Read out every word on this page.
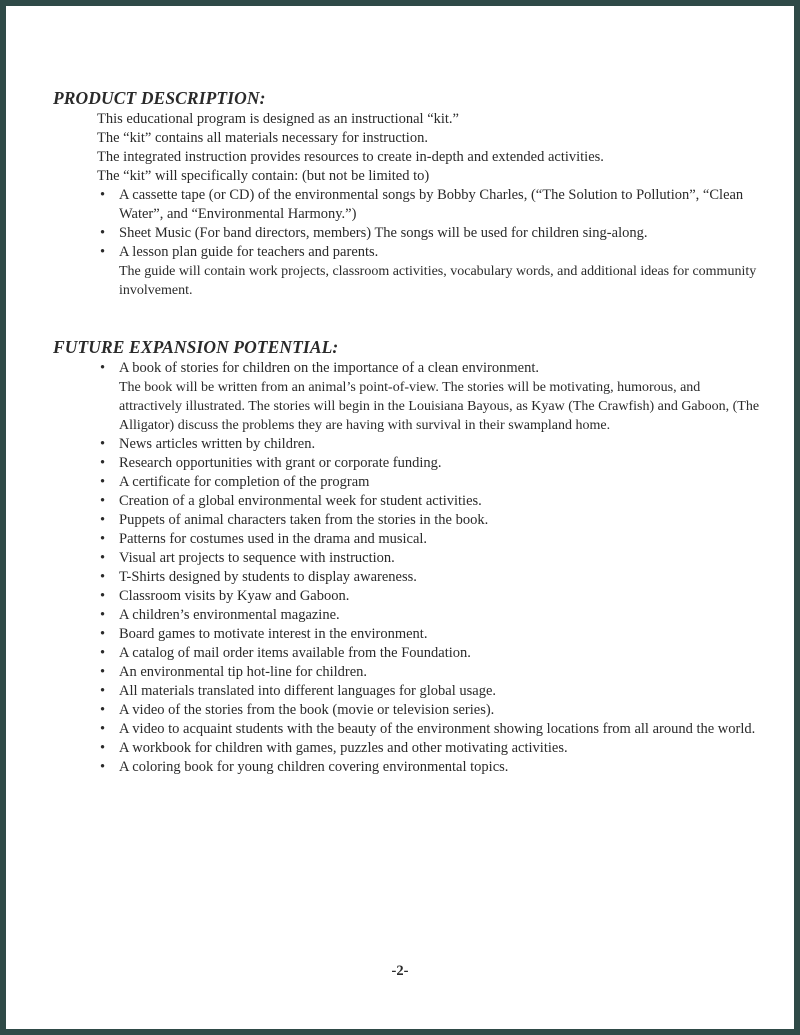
PRODUCT DESCRIPTION:

This educational program is designed as an instructional “kit.”

The “kit” contains all materials necessary for instruction.

The integrated instruction provides resources to create in-depth and extended activities.

The “kit” will specifically contain: (but not be limited to)

• A cassette tape (or CD) of the environmental songs by Bobby Charles, (“The Solution to Pollution”, “Clean Water”, and “Environmental Harmony.”)
• Sheet Music (For band directors, members) The songs will be used for children sing-along.
• A lesson plan guide for teachers and parents.
The guide will contain work projects, classroom activities, vocabulary words, and additional ideas for community involvement.
FUTURE EXPANSION POTENTIAL:
• A book of stories for children on the importance of a clean environment.
The book will be written from an animal’s point-of-view. The stories will be motivating, humorous, and attractively illustrated. The stories will begin in the Louisiana Bayous, as Kyaw (The Crawfish) and Gaboon, (The Alligator) discuss the problems they are having with survival in their swampland home.
• News articles written by children.
• Research opportunities with grant or corporate funding.
• A certificate for completion of the program
• Creation of a global environmental week for student activities.
• Puppets of animal characters taken from the stories in the book.
• Patterns for costumes used in the drama and musical.
• Visual art projects to sequence with instruction.
• T-Shirts designed by students to display awareness.
• Classroom visits by Kyaw and Gaboon.
• A children’s environmental magazine.
• Board games to motivate interest in the environment.
• A catalog of mail order items available from the Foundation.
• An environmental tip hot-line for children.
• All materials translated into different languages for global usage.
• A video of the stories from the book (movie or television series).
• A video to acquaint students with the beauty of the environment showing locations from all around the world.
• A workbook for children with games, puzzles and other motivating activities.
• A coloring book for young children covering environmental topics.
-2-
